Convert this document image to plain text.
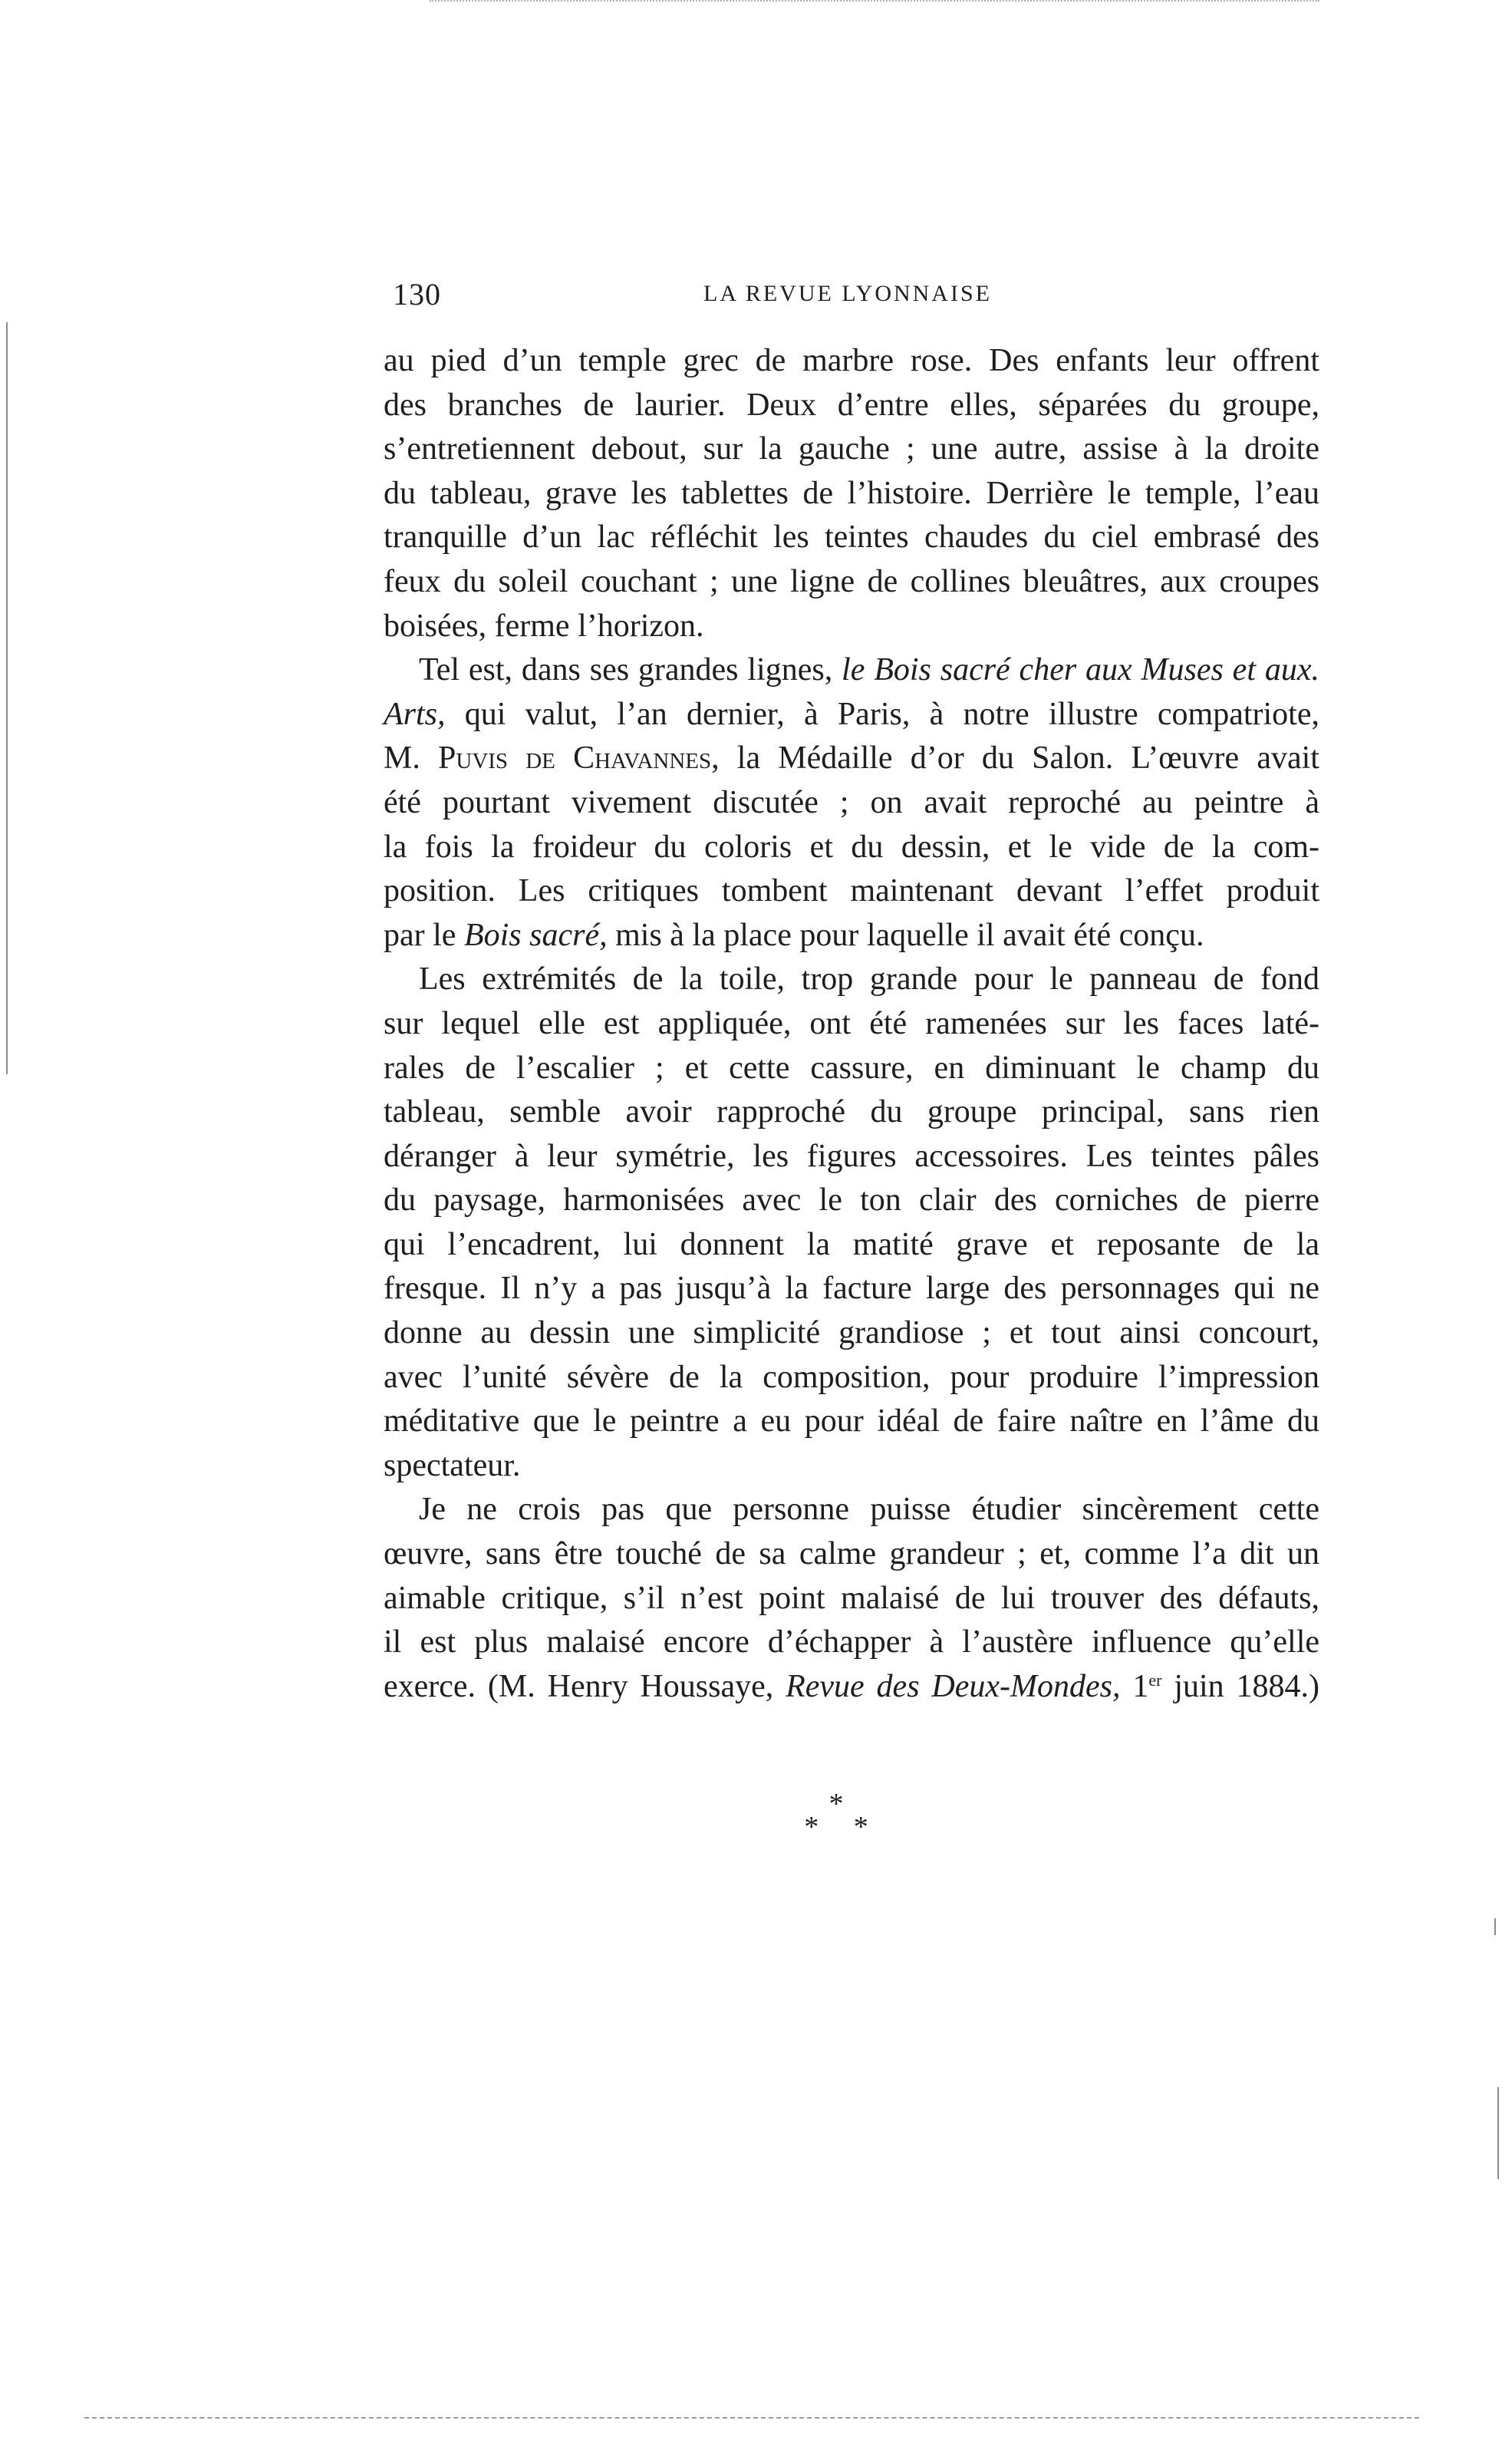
130	LA REVUE LYONNAISE
au pied d’un temple grec de marbre rose. Des enfants leur offrent
des branches de laurier. Deux d’entre elles, séparées du groupe,
s’entretiennent debout, sur la gauche ; une autre, assise à la droite
du tableau, grave les tablettes de l’histoire. Derrière le temple, l’eau
tranquille d’un lac réfléchit les teintes chaudes du ciel embrasé des
feux du soleil couchant ; une ligne de collines bleuâtres, aux croupes
boisées, ferme l’horizon.
Tel est, dans ses grandes lignes, le Bois sacré cher aux Muses et aux.
Arts, qui valut, l’an dernier, à Paris, à notre illustre compatriote,
M. Puvis de Chavannes, la Médaille d’or du Salon. L’œuvre avait
été pourtant vivement discutée ; on avait reproché au peintre à
la fois la froideur du coloris et du dessin, et le vide de la com-
position. Les critiques tombent maintenant devant l’effet produit
par le Bois sacré, mis à la place pour laquelle il avait été conçu.
Les extrémités de la toile, trop grande pour le panneau de fond
sur lequel elle est appliquée, ont été ramenées sur les faces laté-
rales de l’escalier ; et cette cassure, en diminuant le champ du
tableau, semble avoir rapproché du groupe principal, sans rien
déranger à leur symétrie, les figures accessoires. Les teintes pâles
du paysage, harmonisées avec le ton clair des corniches de pierre
qui l’encadrent, lui donnent la matité grave et reposante de la
fresque. Il n’y a pas jusqu’à la facture large des personnages qui ne
donne au dessin une simplicité grandiose ; et tout ainsi concourt,
avec l’unité sévère de la composition, pour produire l’impression
méditative que le peintre a eu pour idéal de faire naître en l’âme du
spectateur.
Je ne crois pas que personne puisse étudier sincèrement cette
œuvre, sans être touché de sa calme grandeur ; et, comme l’a dit un
aimable critique, s’il n’est point malaisé de lui trouver des défauts,
il est plus malaisé encore d’échapper à l’austère influence qu’elle
exerce. (M. Henry Houssaye, Revue des Deux-Mondes, 1er juin 1884.)
*
* *
